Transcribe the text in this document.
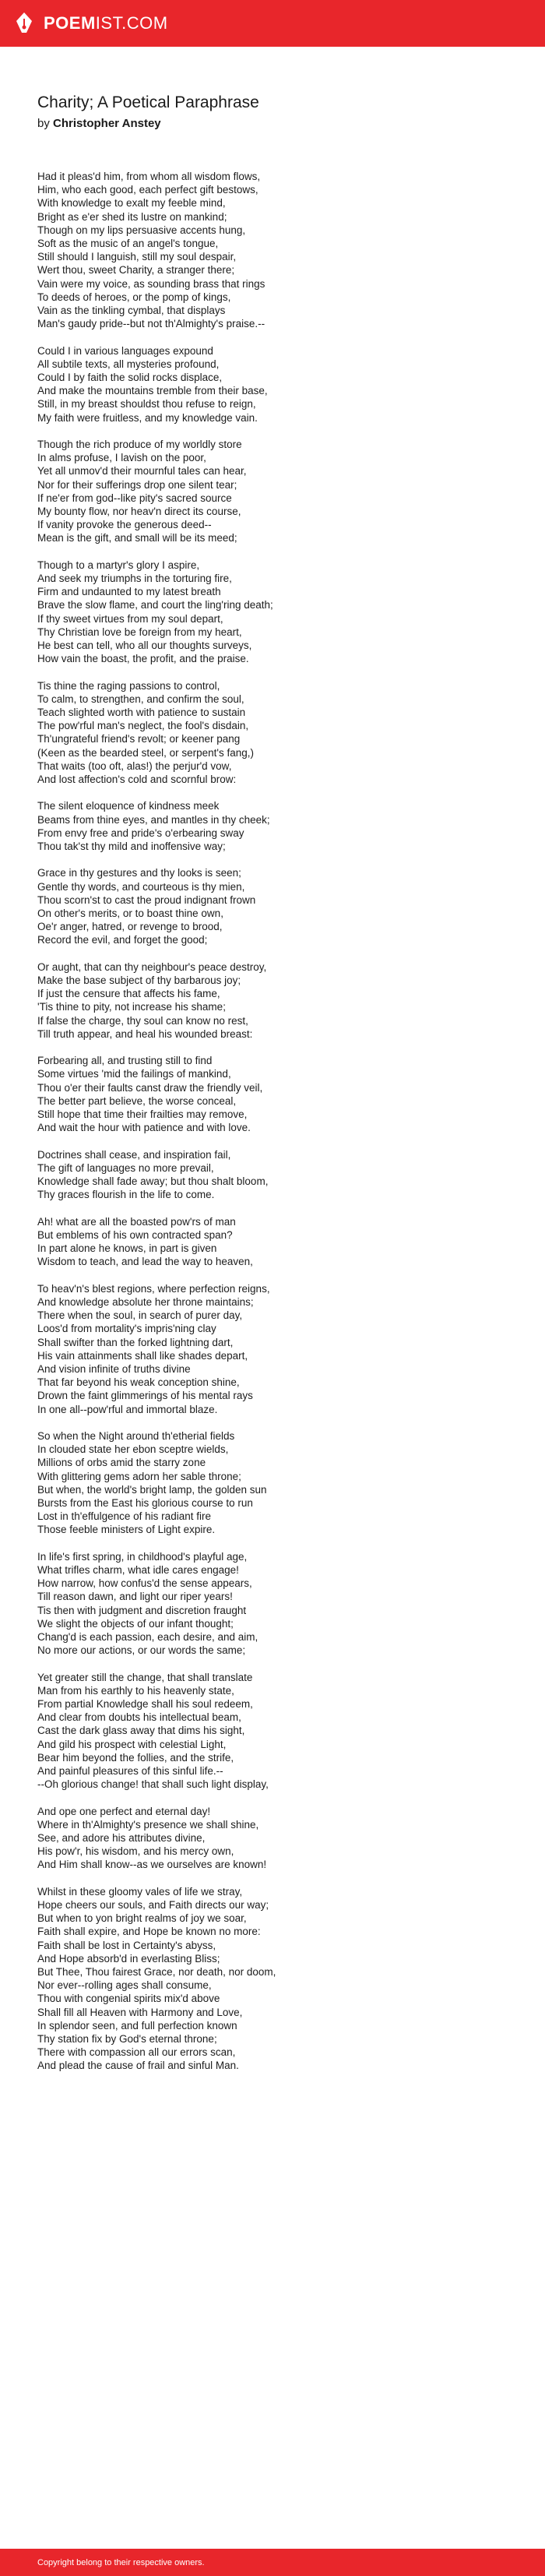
POEMIST.COM
Charity; A Poetical Paraphrase
by Christopher Anstey
Had it pleas'd him, from whom all wisdom flows,
Him, who each good, each perfect gift bestows,
With knowledge to exalt my feeble mind,
Bright as e'er shed its lustre on mankind;
Though on my lips persuasive accents hung,
Soft as the music of an angel's tongue,
Still should I languish, still my soul despair,
Wert thou, sweet Charity, a stranger there;
Vain were my voice, as sounding brass that rings
To deeds of heroes, or the pomp of kings,
Vain as the tinkling cymbal, that displays
Man's gaudy pride--but not th'Almighty's praise.--
Could I in various languages expound
All subtile texts, all mysteries profound,
Could I by faith the solid rocks displace,
And make the mountains tremble from their base,
Still, in my breast shouldst thou refuse to reign,
My faith were fruitless, and my knowledge vain.
Though the rich produce of my worldly store
In alms profuse, I lavish on the poor,
Yet all unmov'd their mournful tales can hear,
Nor for their sufferings drop one silent tear;
If ne'er from god--like pity's sacred source
My bounty flow, nor heav'n direct its course,
If vanity provoke the generous deed--
Mean is the gift, and small will be its meed;
Though to a martyr's glory I aspire,
And seek my triumphs in the torturing fire,
Firm and undaunted to my latest breath
Brave the slow flame, and court the ling'ring death;
If thy sweet virtues from my soul depart,
Thy Christian love be foreign from my heart,
He best can tell, who all our thoughts surveys,
How vain the boast, the profit, and the praise.
Tis thine the raging passions to control,
To calm, to strengthen, and confirm the soul,
Teach slighted worth with patience to sustain
The pow'rful man's neglect, the fool's disdain,
Th'ungrateful friend's revolt; or keener pang
(Keen as the bearded steel, or serpent's fang,)
That waits (too oft, alas!) the perjur'd vow,
And lost affection's cold and scornful brow:
The silent eloquence of kindness meek
Beams from thine eyes, and mantles in thy cheek;
From envy free and pride's o'erbearing sway
Thou tak'st thy mild and inoffensive way;
Grace in thy gestures and thy looks is seen;
Gentle thy words, and courteous is thy mien,
Thou scorn'st to cast the proud indignant frown
On other's merits, or to boast thine own,
Oe'r anger, hatred, or revenge to brood,
Record the evil, and forget the good;
Or aught, that can thy neighbour's peace destroy,
Make the base subject of thy barbarous joy;
If just the censure that affects his fame,
'Tis thine to pity, not increase his shame;
If false the charge, thy soul can know no rest,
Till truth appear, and heal his wounded breast:
Forbearing all, and trusting still to find
Some virtues 'mid the failings of mankind,
Thou o'er their faults canst draw the friendly veil,
The better part believe, the worse conceal,
Still hope that time their frailties may remove,
And wait the hour with patience and with love.
Doctrines shall cease, and inspiration fail,
The gift of languages no more prevail,
Knowledge shall fade away; but thou shalt bloom,
Thy graces flourish in the life to come.
Ah! what are all the boasted pow'rs of man
But emblems of his own contracted span?
In part alone he knows, in part is given
Wisdom to teach, and lead the way to heaven,
To heav'n's blest regions, where perfection reigns,
And knowledge absolute her throne maintains;
There when the soul, in search of purer day,
Loos'd from mortality's impris'ning clay
Shall swifter than the forked lightning dart,
His vain attainments shall like shades depart,
And vision infinite of truths divine
That far beyond his weak conception shine,
Drown the faint glimmerings of his mental rays
In one all--pow'rful and immortal blaze.
So when the Night around th'etherial fields
In clouded state her ebon sceptre wields,
Millions of orbs amid the starry zone
With glittering gems adorn her sable throne;
But when, the world's bright lamp, the golden sun
Bursts from the East his glorious course to run
Lost in th'effulgence of his radiant fire
Those feeble ministers of Light expire.
In life's first spring, in childhood's playful age,
What trifles charm, what idle cares engage!
How narrow, how confus'd the sense appears,
Till reason dawn, and light our riper years!
Tis then with judgment and discretion fraught
We slight the objects of our infant thought;
Chang'd is each passion, each desire, and aim,
No more our actions, or our words the same;
Yet greater still the change, that shall translate
Man from his earthly to his heavenly state,
From partial Knowledge shall his soul redeem,
And clear from doubts his intellectual beam,
Cast the dark glass away that dims his sight,
And gild his prospect with celestial Light,
Bear him beyond the follies, and the strife,
And painful pleasures of this sinful life.--
--Oh glorious change! that shall such light display,
And ope one perfect and eternal day!
Where in th'Almighty's presence we shall shine,
See, and adore his attributes divine,
His pow'r, his wisdom, and his mercy own,
And Him shall know--as we ourselves are known!
Whilst in these gloomy vales of life we stray,
Hope cheers our souls, and Faith directs our way;
But when to yon bright realms of joy we soar,
Faith shall expire, and Hope be known no more:
Faith shall be lost in Certainty's abyss,
And Hope absorb'd in everlasting Bliss;
But Thee, Thou fairest Grace, nor death, nor doom,
Nor ever--rolling ages shall consume,
Thou with congenial spirits mix'd above
Shall fill all Heaven with Harmony and Love,
In splendor seen, and full perfection known
Thy station fix by God's eternal throne;
There with compassion all our errors scan,
And plead the cause of frail and sinful Man.
Copyright belong to their respective owners.
